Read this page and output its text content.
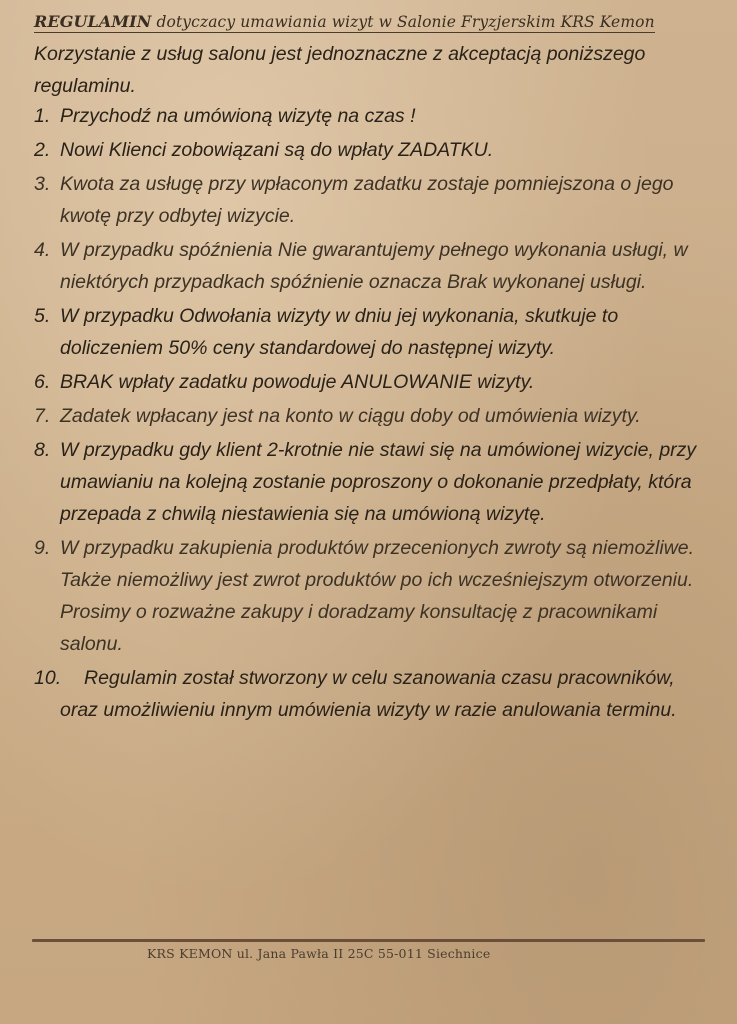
REGULAMIN dotyczacy umawiania wizyt w Salonie Fryzjerskim KRS Kemon
Korzystanie z usług salonu jest jednoznaczne z akceptacją poniższego regulaminu.
1. Przychodź na umówioną wizytę na czas !
2. Nowi Klienci zobowiązani są do wpłaty ZADATKU.
3. Kwota za usługę przy wpłaconym zadatku zostaje pomniejszona o jego kwotę przy odbytej wizycie.
4. W przypadku spóźnienia Nie gwarantujemy pełnego wykonania usługi, w niektórych przypadkach spóźnienie oznacza Brak wykonanej usługi.
5. W przypadku Odwołania wizyty w dniu jej wykonania, skutkuje to doliczeniem 50% ceny standardowej do następnej wizyty.
6. BRAK wpłaty zadatku powoduje ANULOWANIE wizyty.
7. Zadatek wpłacany jest na konto w ciągu doby od umówienia wizyty.
8. W przypadku gdy klient 2-krotnie nie stawi się na umówionej wizycie, przy umawianiu na kolejną zostanie poproszony o dokonanie przedpłaty, która przepada z chwilą niestawienia się na umówioną wizytę.
9. W przypadku zakupienia produktów przecenionych zwroty są niemożliwe. Także niemożliwy jest zwrot produktów po ich wcześniejszym otworzeniu. Prosimy o rozważne zakupy i doradzamy konsultację z pracownikami salonu.
10.	Regulamin został stworzony w celu szanowania czasu pracowników, oraz umożliwieniu innym umówienia wizyty w razie anulowania terminu.
KRS KEMON ul. Jana Pawła II 25C 55-011 Siechnice
